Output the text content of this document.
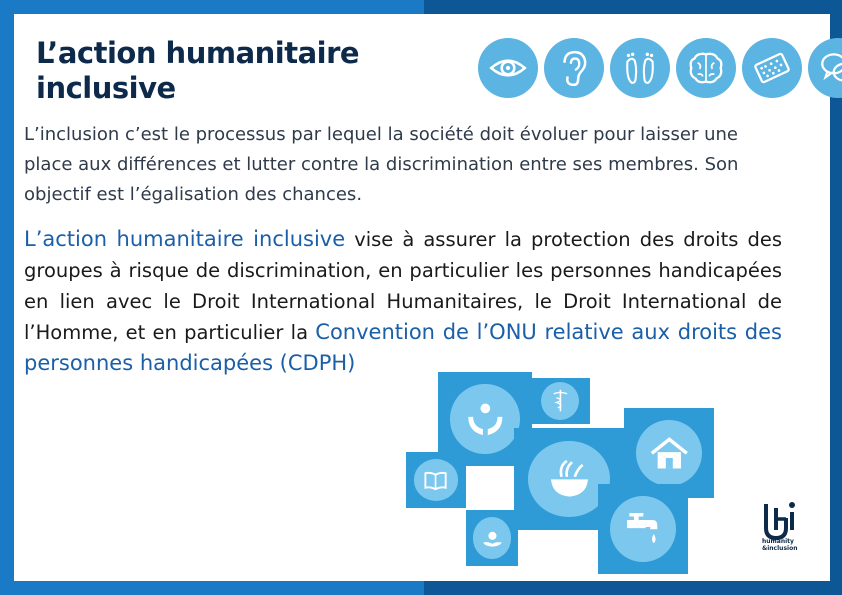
L’action humanitaire inclusive

L’inclusion c’est le processus par lequel la société doit évoluer pour laisser une place aux différences et lutter contre la discrimination entre ses membres. Son objectif est l’égalisation des chances.

L’action humanitaire inclusive vise à assurer la protection des droits des groupes à risque de discrimination, en particulier les personnes handicapées en lien avec le Droit International Humanitaires, le Droit International de l’Homme, et en particulier la Convention de l’ONU relative aux droits des personnes handicapées (CDPH)

humanity
&inclusion
